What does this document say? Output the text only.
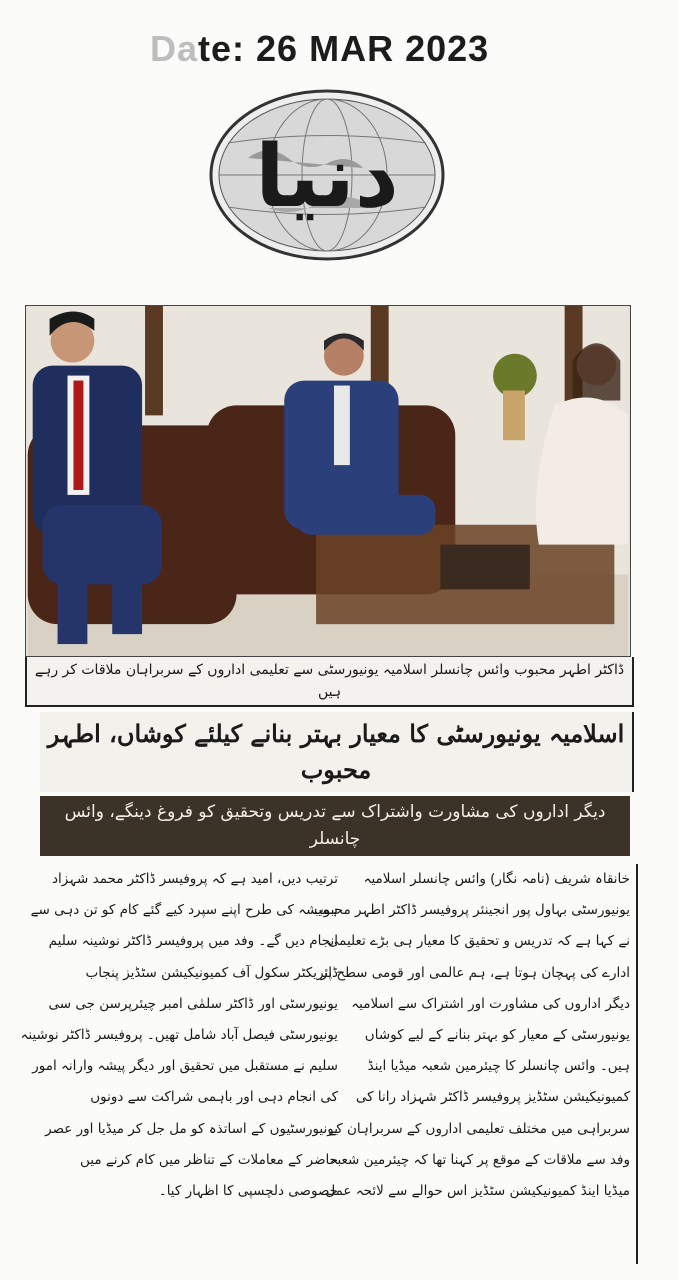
Date: 26 MAR 2023
دنیا
ڈاکٹر اطہر محبوب وائس چانسلر اسلامیہ یونیورسٹی سے تعلیمی اداروں کے سربراہان ملاقات کر رہے ہیں
اسلامیہ یونیورسٹی کا معیار بہتر بنانے کیلئے کوشاں، اطہر محبوب
دیگر اداروں کی مشاورت واشتراک سے تدریس وتحقیق کو فروغ دینگے، وائس چانسلر

خانقاہ شریف (نامہ نگار) وائس چانسلر اسلامیہ

یونیورسٹی بہاول پور انجینئر پروفیسر ڈاکٹر اطہر محبوب

نے کہا ہے کہ تدریس و تحقیق کا معیار ہی بڑے تعلیمی

ادارے کی پہچان ہوتا ہے، ہم عالمی اور قومی سطح پر

دیگر اداروں کی مشاورت اور اشتراک سے اسلامیہ

یونیورسٹی کے معیار کو بہتر بنانے کے لیے کوشاں

ہیں۔ وائس چانسلر کا چیئرمین شعبہ میڈیا اینڈ

کمیونیکیشن سٹڈیز پروفیسر ڈاکٹر شہزاد رانا کی

سربراہی میں مختلف تعلیمی اداروں کے سربراہان کے

وفد سے ملاقات کے موقع پر کہنا تھا کہ چیئرمین شعبہ

میڈیا اینڈ کمیونیکیشن سٹڈیز اس حوالے سے لائحہ عمل

ترتیب دیں، امید ہے کہ پروفیسر ڈاکٹر محمد شہزاد

ہمیشہ کی طرح اپنے سپرد کیے گئے کام کو تن دہی سے

انجام دیں گے۔ وفد میں پروفیسر ڈاکٹر نوشینہ سلیم

ڈائریکٹر سکول آف کمیونیکیشن سٹڈیز پنجاب

یونیورسٹی اور ڈاکٹر سلمٰی امبر چیئرپرسن جی سی

یونیورسٹی فیصل آباد شامل تھیں۔ پروفیسر ڈاکٹر نوشینہ

سلیم نے مستقبل میں تحقیق اور دیگر پیشہ وارانہ امور

کی انجام دہی اور باہمی شراکت سے دونوں

یونیورسٹیوں کے اساتذہ کو مل جل کر میڈیا اور عصر

حاضر کے معاملات کے تناظر میں کام کرنے میں

خصوصی دلچسپی کا اظہار کیا۔
